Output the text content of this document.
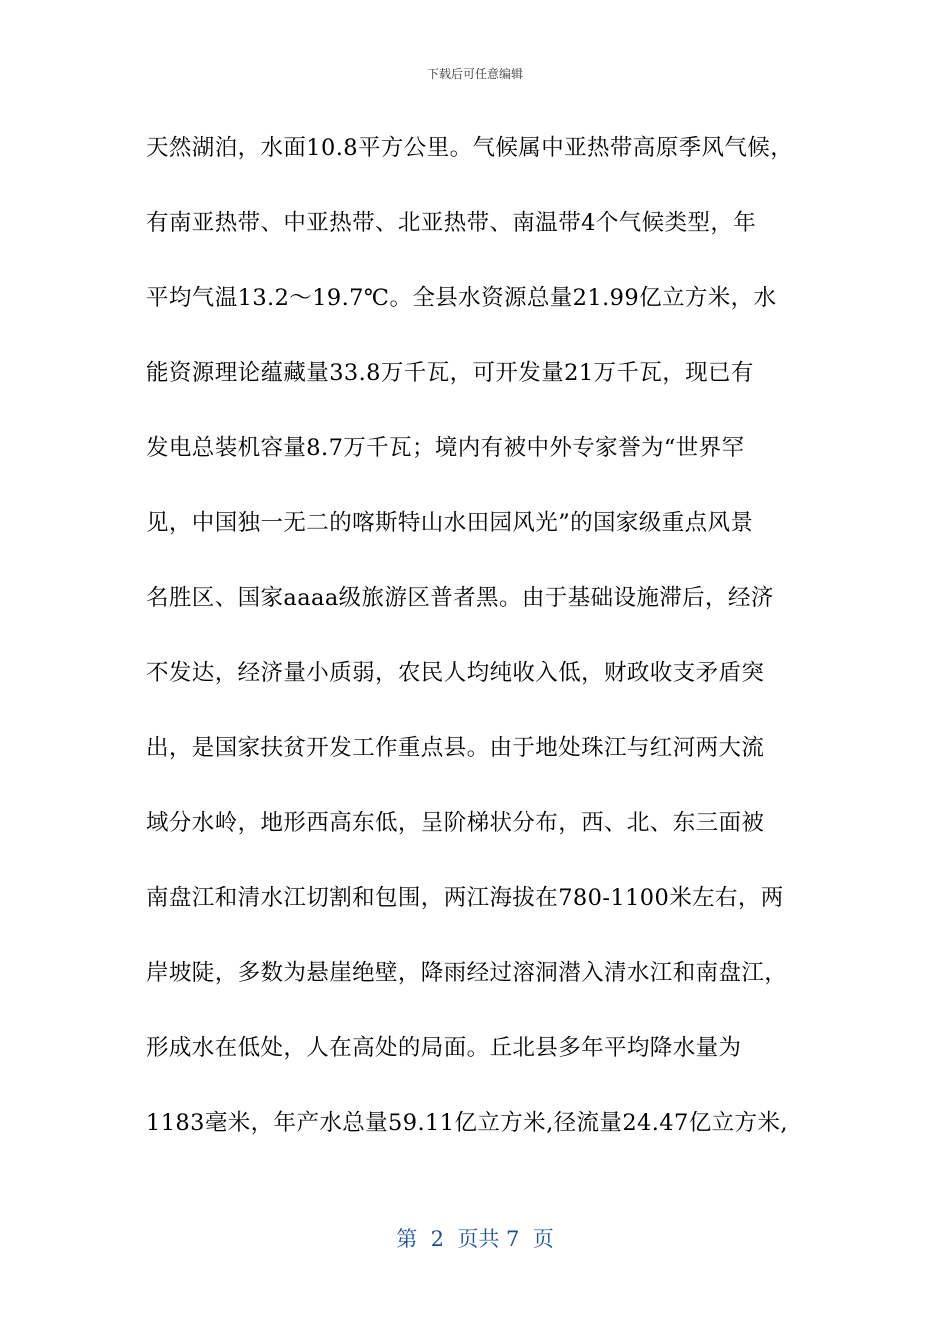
下载后可任意编辑
天然湖泊，水面10.8平方公里。气候属中亚热带高原季风气候，
有南亚热带、中亚热带、北亚热带、南温带4个气候类型，年
平均气温13.2～19.7℃。全县水资源总量21.99亿立方米，水
能资源理论蕴藏量33.8万千瓦，可开发量21万千瓦，现已有
发电总装机容量8.7万千瓦；境内有被中外专家誉为“世界罕
见，中国独一无二的喀斯特山水田园风光”的国家级重点风景
名胜区、国家aaaa级旅游区普者黑。由于基础设施滞后，经济
不发达，经济量小质弱，农民人均纯收入低，财政收支矛盾突
出，是国家扶贫开发工作重点县。由于地处珠江与红河两大流
域分水岭，地形西高东低，呈阶梯状分布，西、北、东三面被
南盘江和清水江切割和包围，两江海拔在780-1100米左右，两
岸坡陡，多数为悬崖绝壁，降雨经过溶洞潜入清水江和南盘江，
形成水在低处，人在高处的局面。丘北县多年平均降水量为
1183毫米，年产水总量59.11亿立方米,径流量24.47亿立方米,
第  2  页共 7  页
